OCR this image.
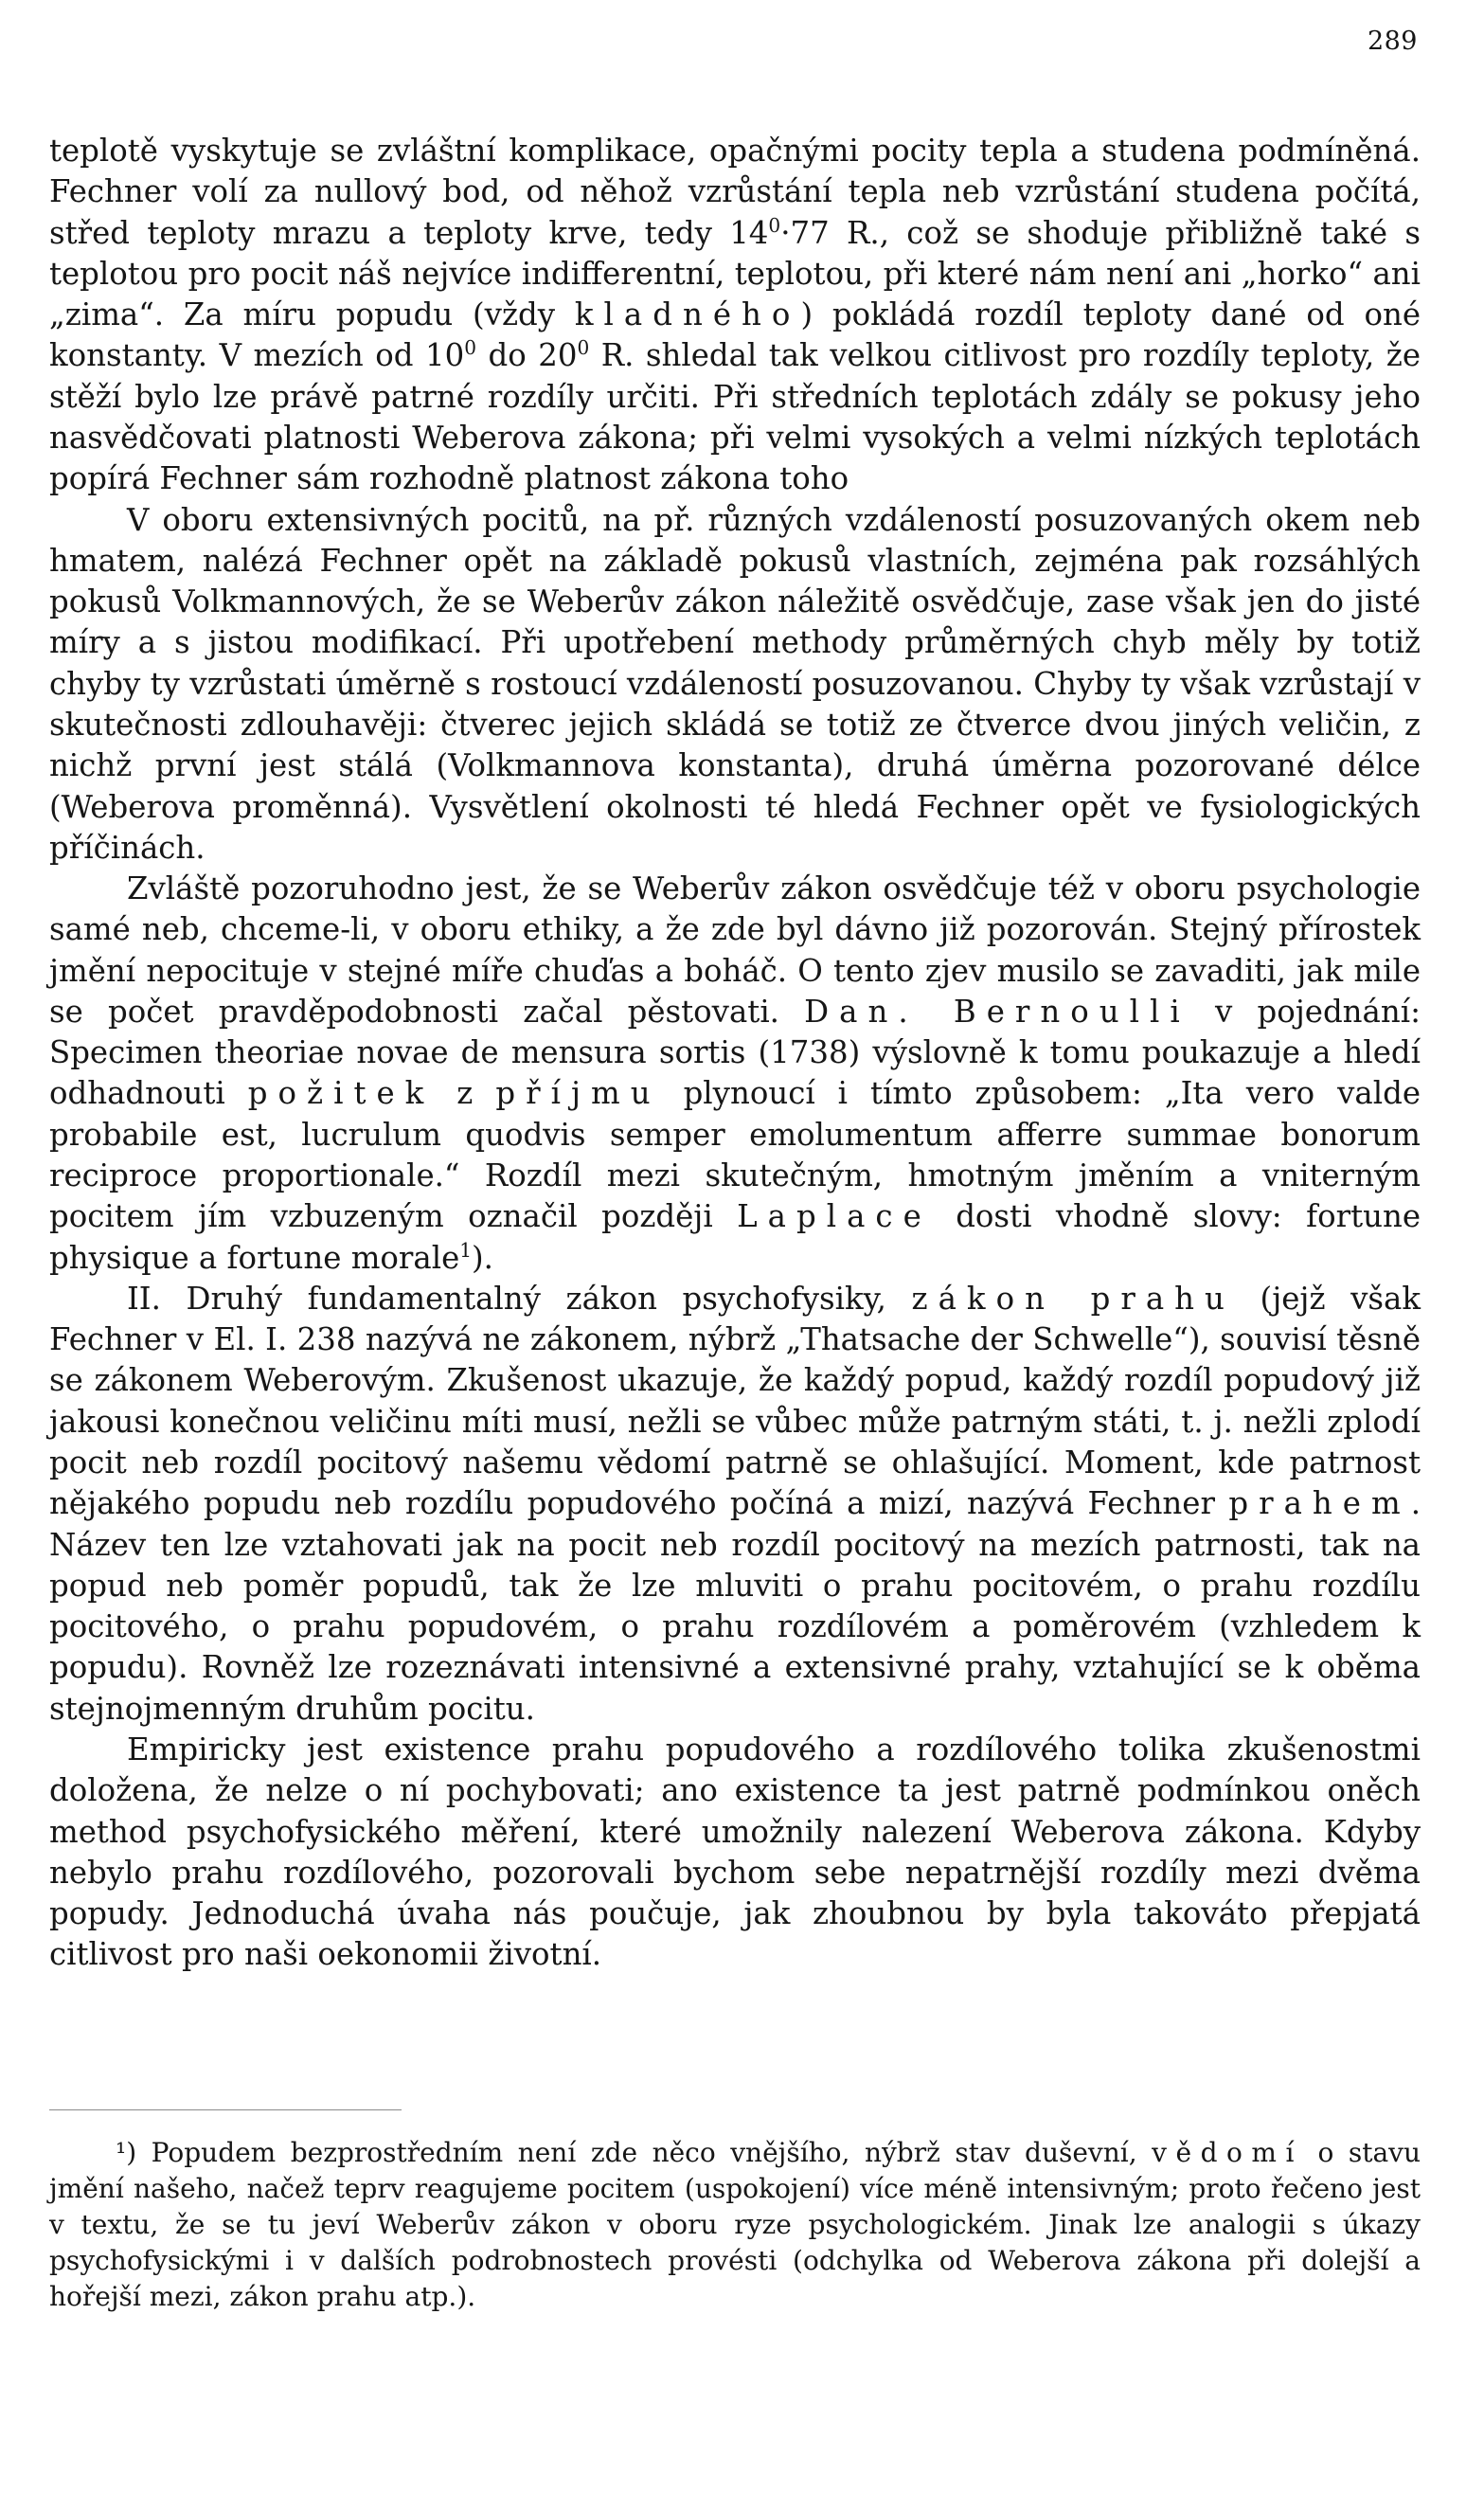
289

teplotě vyskytuje se zvláštní komplikace, opačnými pocity tepla a studena podmíněná. Fechner volí za nullový bod, od něhož vzrůstání tepla neb vzrůstání studena počítá, střed teploty mrazu a teploty krve, tedy $14^0\cdot 77$ R., což se shoduje přibližně také s teplotou pro pocit náš nejvíce indifferentní, teplotou, při které nám není ani „horko“ ani „zima“. Za míru popudu (vždy kladného) pokládá rozdíl teploty dané od oné konstanty. V mezích od $10^0$ do $20^0$ R. shledal tak velkou citlivost pro rozdíly teploty, že stěží bylo lze právě patrné rozdíly určiti. Při středních teplotách zdály se pokusy jeho nasvědčovati platnosti Weberova zákona; při velmi vysokých a velmi nízkých teplotách popírá Fechner sám rozhodně platnost zákona toho

V oboru extensivných pocitů, na př. různých vzdáleností posuzovaných okem neb hmatem, nalézá Fechner opět na základě pokusů vlastních, zejména pak rozsáhlých pokusů Volkmannových, že se Weberův zákon náležitě osvědčuje, zase však jen do jisté míry a s jistou modifikací. Při upotřebení methody průměrných chyb měly by totiž chyby ty vzrůstati úměrně s rostoucí vzdáleností posuzovanou. Chyby ty však vzrůstají v skutečnosti zdlouhavěji: čtverec jejich skládá se totiž ze čtverce dvou jiných veličin, z nichž první jest stálá (Volkmannova konstanta), druhá úměrna pozorované délce (Weberova proměnná). Vysvětlení okolnosti té hledá Fechner opět ve fysiologických příčinách.

Zvláště pozoruhodno jest, že se Weberův zákon osvědčuje též v oboru psychologie samé neb, chceme-li, v oboru ethiky, a že zde byl dávno již pozorován. Stejný přírostek jmění nepocituje v stejné míře chuďas a boháč. O tento zjev musilo se zavaditi, jak mile se počet pravděpodobnosti začal pěstovati. Dan. Bernoulli v pojednání: Specimen theoriae novae de mensura sortis (1738) výslovně k tomu poukazuje a hledí odhadnouti požitek z příjmu plynoucí i tímto způsobem: „Ita vero valde probabile est, lucrulum quodvis semper emolumentum afferre summae bonorum reciproce proportionale.“ Rozdíl mezi skutečným, hmotným jměním a vniterným pocitem jím vzbuzeným označil později Laplace dosti vhodně slovy: fortune physique a fortune morale$^1$).

II. Druhý fundamentalný zákon psychofysiky, zákon prahu (jejž však Fechner v El. I. 238 nazývá ne zákonem, nýbrž „Thatsache der Schwelle“), souvisí těsně se zákonem Weberovým. Zkušenost ukazuje, že každý popud, každý rozdíl popudový již jakousi konečnou veličinu míti musí, nežli se vůbec může patrným státi, t. j. nežli zplodí pocit neb rozdíl pocitový našemu vědomí patrně se ohlašující. Moment, kde patrnost nějakého popudu neb rozdílu popudového počíná a mizí, nazývá Fechner prahem. Název ten lze vztahovati jak na pocit neb rozdíl pocitový na mezích patrnosti, tak na popud neb poměr popudů, tak že lze mluviti o prahu pocitovém, o prahu rozdílu pocitového, o prahu popudovém, o prahu rozdílovém a poměrovém (vzhledem k popudu). Rovněž lze rozeznávati intensivné a extensivné prahy, vztahující se k oběma stejnojmenným druhům pocitu.

Empiricky jest existence prahu popudového a rozdílového tolika zkušenostmi doložena, že nelze o ní pochybovati; ano existence ta jest patrně podmínkou oněch method psychofysického měření, které umožnily nalezení Weberova zákona. Kdyby nebylo prahu rozdílového, pozorovali bychom sebe nepatrnější rozdíly mezi dvěma popudy. Jednoduchá úvaha nás poučuje, jak zhoubnou by byla takováto přepjatá citlivost pro naši oekonomii životní.

¹) Popudem bezprostředním není zde něco vnějšího, nýbrž stav duševní, vědomí o stavu jmění našeho, načež teprv reagujeme pocitem (uspokojení) více méně intensivným; proto řečeno jest v textu, že se tu jeví Weberův zákon v oboru ryze psychologickém. Jinak lze analogii s úkazy psychofysickými i v dalších podrobnostech provésti (odchylka od Weberova zákona při dolejší a hořejší mezi, zákon prahu atp.).
